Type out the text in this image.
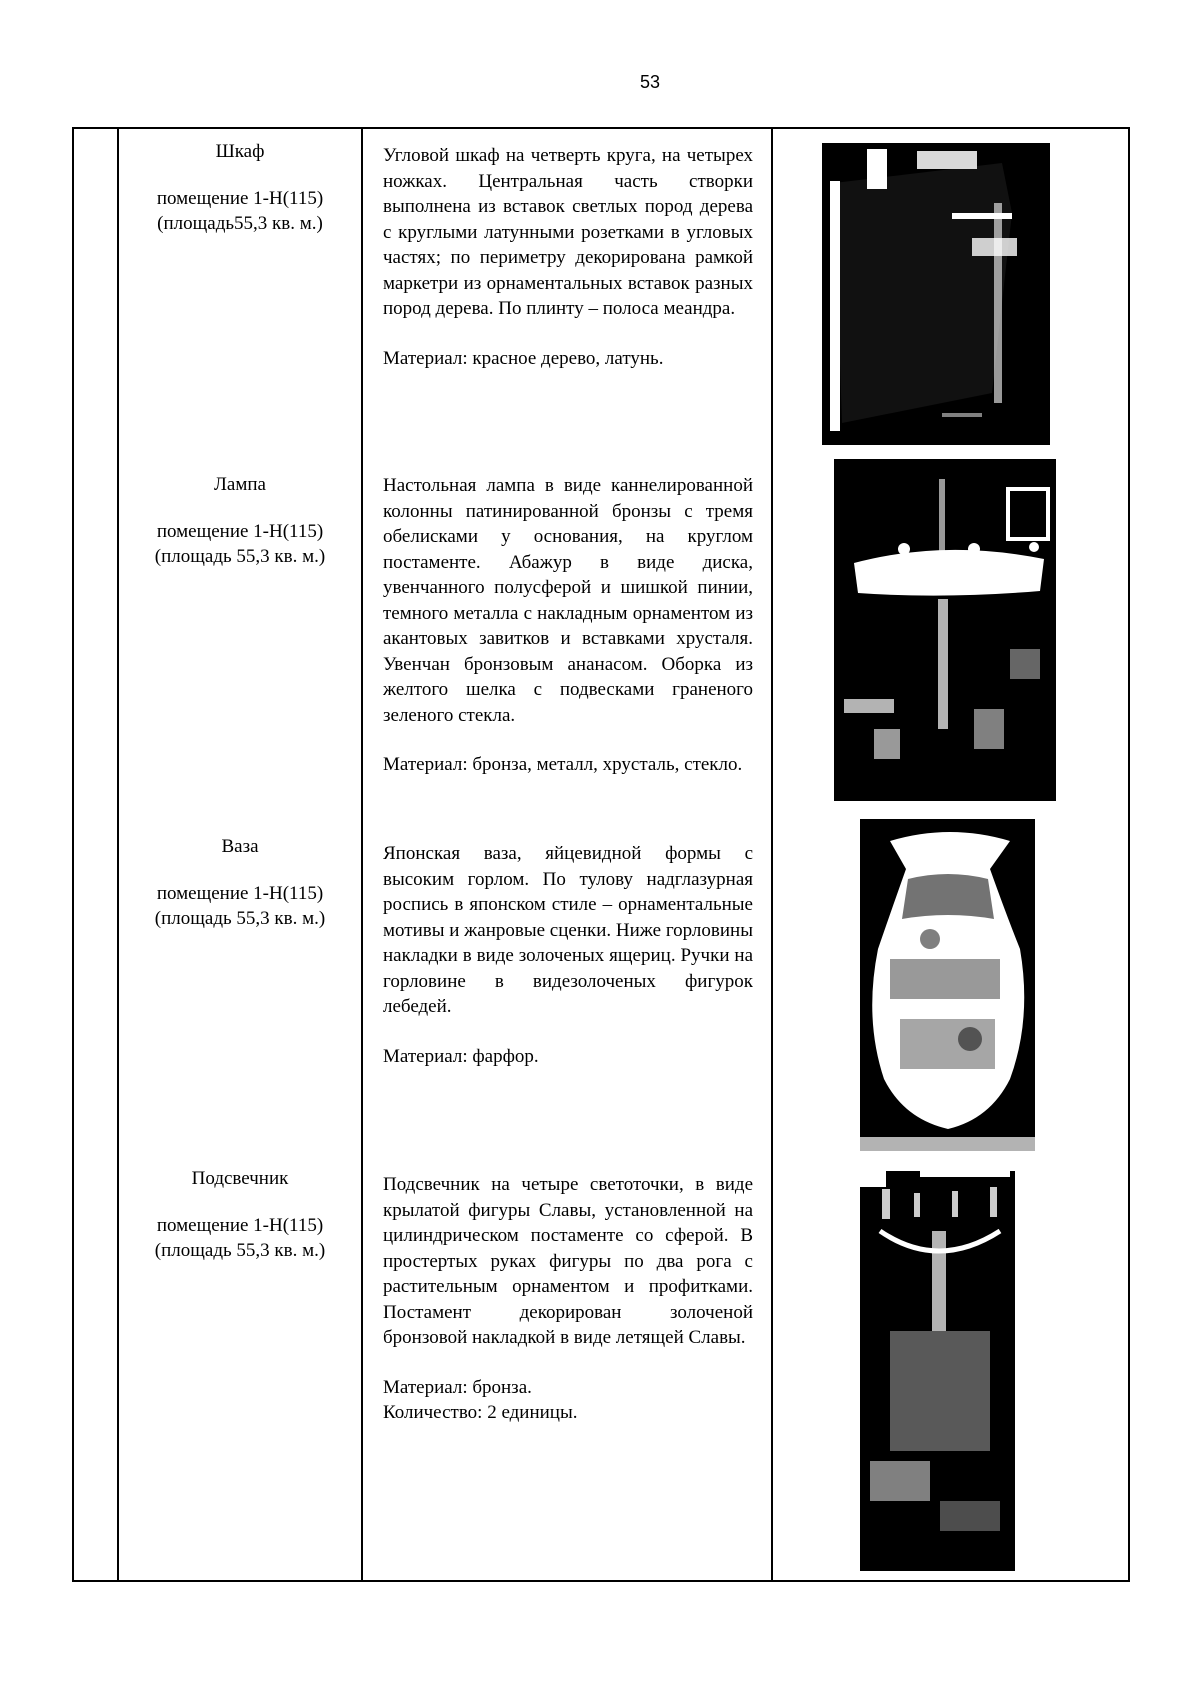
53
Шкаф
помещение 1-Н(115)
(площадь55,3 кв. м.)

Угловой шкаф на четверть круга, на четырех ножках. Центральная часть створки выполнена из вставок светлых пород дерева с круглыми латунными розетками в угловых частях; по периметру декорирована рамкой маркетри из орнаментальных вставок разных пород дерева. По плинту – полоса меандра.

Материал: красное дерево, латунь.

Лампа
помещение 1-Н(115)
(площадь 55,3 кв. м.)

Настольная лампа в виде каннелированной колонны патинированной бронзы с тремя обелисками у основания, на круглом постаменте. Абажур в виде диска, увенчанного полусферой и шишкой пинии, темного металла с накладным орнаментом из акантовых завитков и вставками хрусталя. Увенчан бронзовым ананасом. Оборка из желтого шелка с подвесками граненого зеленого стекла.

Материал: бронза, металл, хрусталь, стекло.

Ваза
помещение 1-Н(115)
(площадь 55,3 кв. м.)

Японская ваза, яйцевидной формы с высоким горлом. По тулову надглазурная роспись в японском стиле – орнаментальные мотивы и жанровые сценки. Ниже горловины накладки в виде золоченых ящериц. Ручки на горловине в видезолоченых фигурок лебедей.

Материал: фарфор.

Подсвечник
помещение 1-Н(115)
(площадь 55,3 кв. м.)

Подсвечник на четыре светоточки, в виде крылатой фигуры Славы, установленной на цилиндрическом постаменте со сферой. В простертых руках фигуры по два рога с растительным орнаментом и профитками. Постамент декорирован золоченой бронзовой накладкой в виде летящей Славы.

Материал: бронза.

Количество: 2 единицы.
